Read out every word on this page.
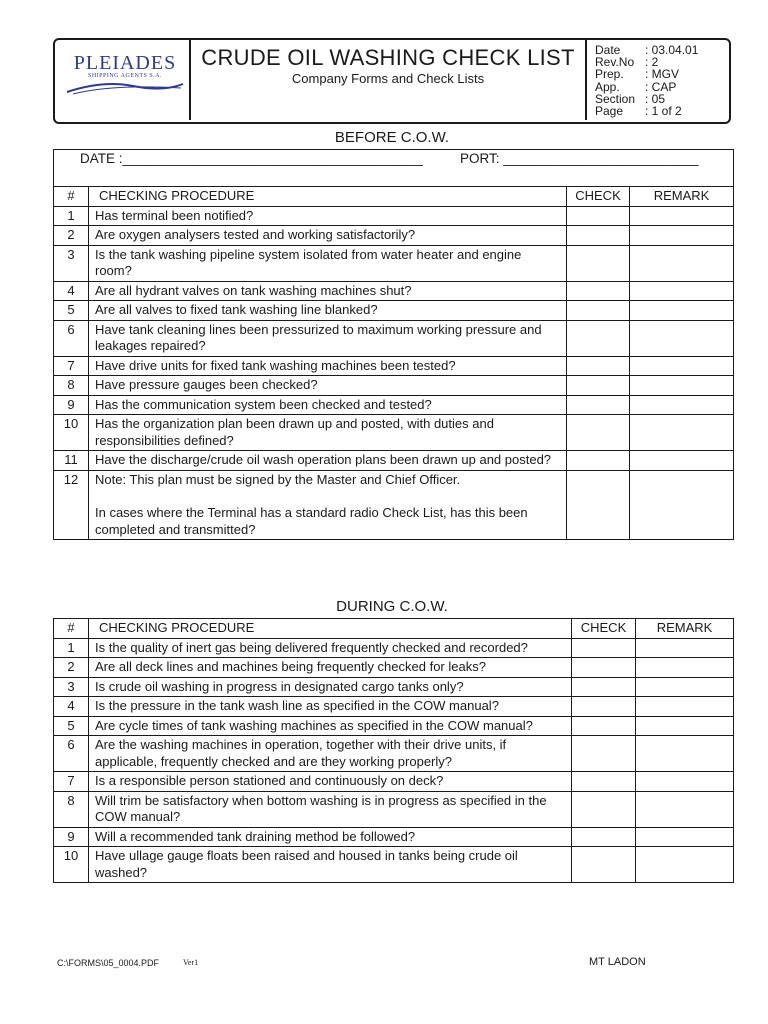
PLEIADES
SHIPPING AGENTS S.A.
CRUDE OIL WASHING CHECK LIST
Company Forms and Check Lists
Date	: 03.04.01
Rev.No : 2
Prep.	: MGV
App.	: CAP
Section : 05
Page	: 1 of 2
BEFORE C.O.W.
DATE :________________________________________ PORT: __________________________			

#	CHECKING PROCEDURE	CHECK	REMARK
1	Has terminal been notified?		
2	Are oxygen analysers tested and working satisfactorily?		
3	Is the tank washing pipeline system isolated from water heater and engine room?		
4	Are all hydrant valves on tank washing machines shut?		
5	Are all valves to fixed tank washing line blanked?		
6	Have tank cleaning lines been pressurized to maximum working pressure and leakages repaired?		
7	Have drive units for fixed tank washing machines been tested?		
8	Have pressure gauges been checked?		
9	Has the communication system been checked and tested?		
10	Has the organization plan been drawn up and posted, with duties and responsibilities defined?		
11	Have the discharge/crude oil wash operation plans been drawn up and posted?		
12	Note: This plan must be signed by the Master and Chief Officer.
In cases where the Terminal has a standard radio Check List, has this been completed and transmitted?		

DURING C.O.W.
#	CHECKING PROCEDURE	CHECK	REMARK
1	Is the quality of inert gas being delivered frequently checked and recorded?		
2	Are all deck lines and machines being frequently checked for leaks?		
3	Is crude oil washing in progress in designated cargo tanks only?		
4	Is the pressure in the tank wash line as specified in the COW manual?		
5	Are cycle times of tank washing machines as specified in the COW manual?		
6	Are the washing machines in operation, together with their drive units, if applicable, frequently checked and are they working properly?		
7	Is a responsible person stationed and continuously on deck?		
8	Will trim be satisfactory when bottom washing is in progress as specified in the COW manual?		
9	Will a recommended tank draining method be followed?		
10	Have ullage gauge floats been raised and housed in tanks being crude oil washed?		
C:\FORMS\05_0004.PDF	Ver1	MT LADON
